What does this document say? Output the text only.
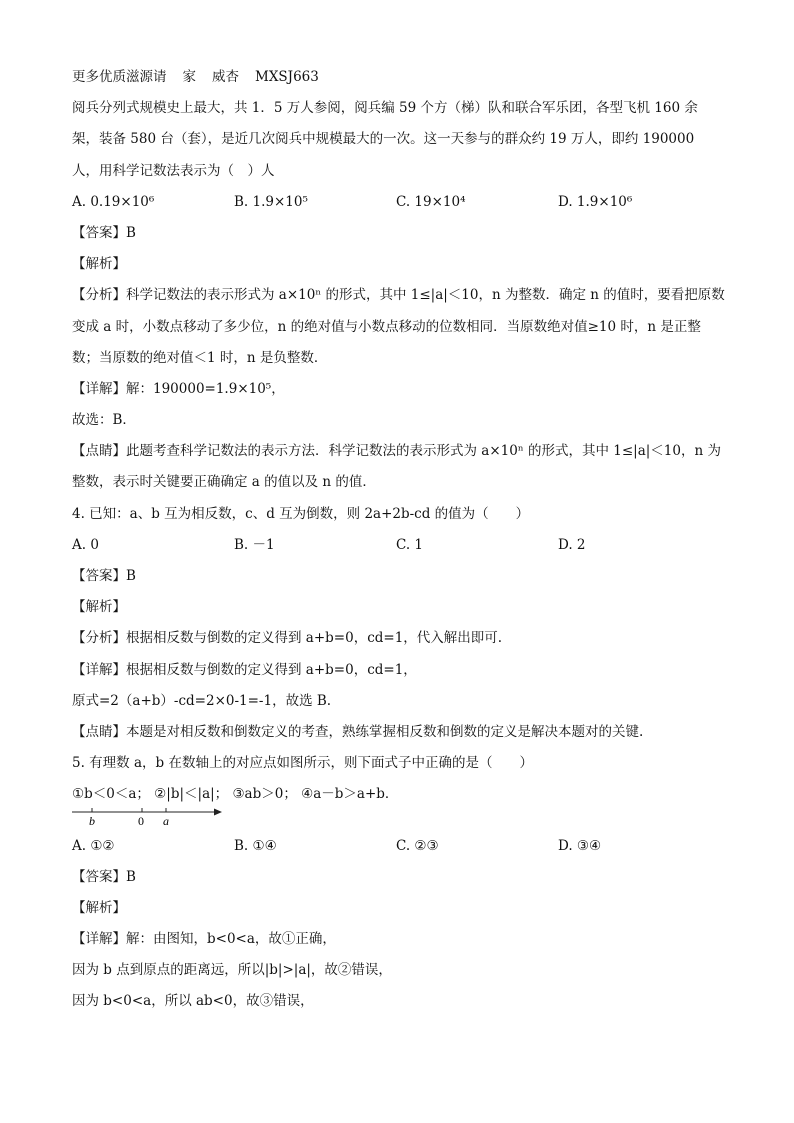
更多优质滋源请 家 威杏 MXSJ663
阅兵分列式规模史上最大，共 1．5 万人参阅，阅兵编 59 个方（梯）队和联合军乐团，各型飞机 160 余
架，装备 580 台（套），是近几次阅兵中规模最大的一次。这一天参与的群众约 19 万人，即约 190000
人，用科学记数法表示为（　）人
A. 0.19×10⁶	B. 1.9×10⁵	C. 19×10⁴	D. 1.9×10⁶
【答案】B
【解析】
【分析】科学记数法的表示形式为 a×10ⁿ 的形式，其中 1≤|a|＜10，n 为整数．确定 n 的值时，要看把原数
变成 a 时，小数点移动了多少位，n 的绝对值与小数点移动的位数相同．当原数绝对值≥10 时，n 是正整
数；当原数的绝对值＜1 时，n 是负整数．
【详解】解：190000=1.9×10⁵，
故选：B．
【点睛】此题考查科学记数法的表示方法．科学记数法的表示形式为 a×10ⁿ 的形式，其中 1≤|a|＜10，n 为
整数，表示时关键要正确确定 a 的值以及 n 的值．
4. 已知：a、b 互为相反数，c、d 互为倒数，则 2a+2b-cd 的值为（　　）
A. 0	B. －1	C. 1	D. 2
【答案】B
【解析】
【分析】根据相反数与倒数的定义得到 a+b=0，cd=1，代入解出即可.
【详解】根据相反数与倒数的定义得到 a+b=0，cd=1，
原式=2（a+b）-cd=2×0-1=-1，故选 B.
【点睛】本题是对相反数和倒数定义的考查，熟练掌握相反数和倒数的定义是解决本题对的关键.
5. 有理数 a，b 在数轴上的对应点如图所示，则下面式子中正确的是（　　）
①b＜0＜a； ②|b|＜|a|； ③ab＞0； ④a－b＞a+b．
b	0 a
A. ①②	B. ①④	C. ②③	D. ③④
【答案】B
【解析】
【详解】解：由图知，b<0<a，故①正确，
因为 b 点到原点的距离远，所以|b|>|a|，故②错误，
因为 b<0<a，所以 ab<0，故③错误，
